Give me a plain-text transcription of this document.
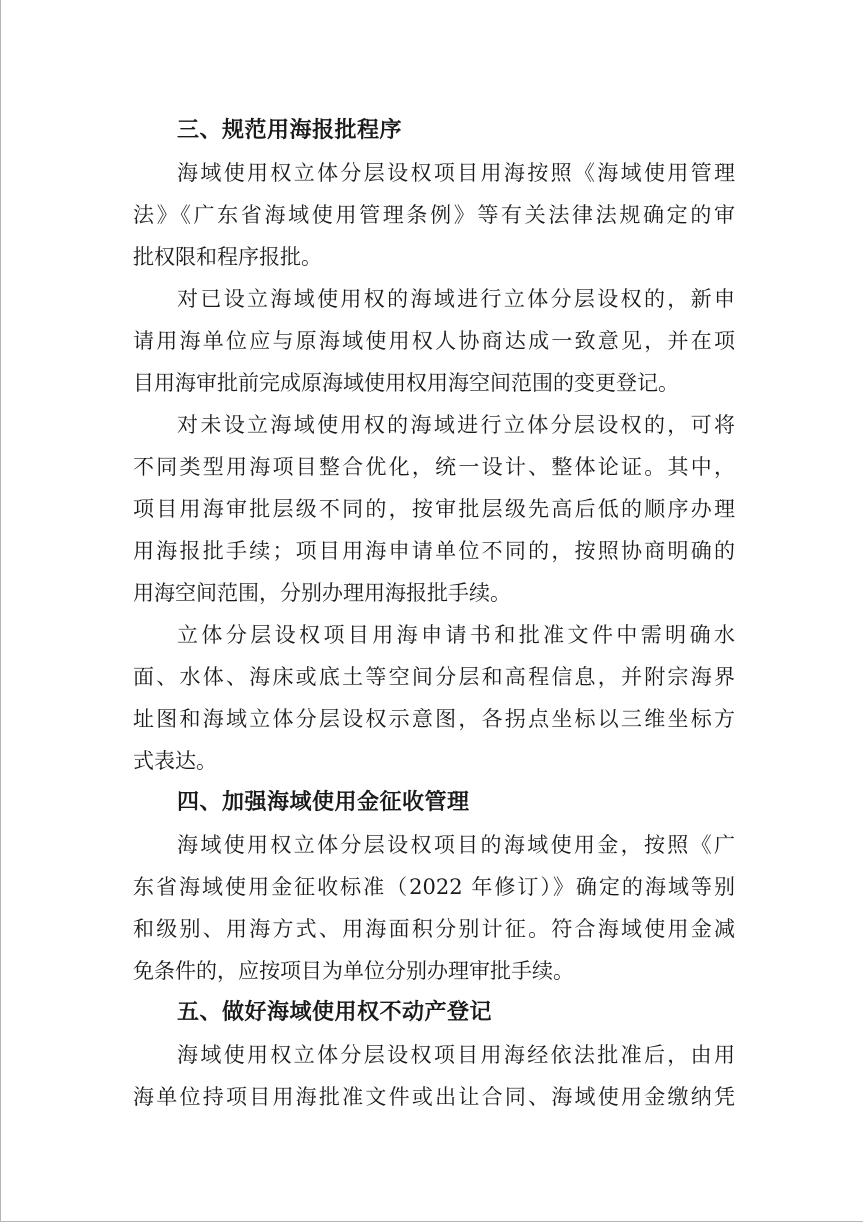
三、规范用海报批程序

海域使用权立体分层设权项目用海按照《海域使用管理
法》《广东省海域使用管理条例》等有关法律法规确定的审
批权限和程序报批。

对已设立海域使用权的海域进行立体分层设权的，新申
请用海单位应与原海域使用权人协商达成一致意见，并在项
目用海审批前完成原海域使用权用海空间范围的变更登记。

对未设立海域使用权的海域进行立体分层设权的，可将
不同类型用海项目整合优化，统一设计、整体论证。其中，
项目用海审批层级不同的，按审批层级先高后低的顺序办理
用海报批手续；项目用海申请单位不同的，按照协商明确的
用海空间范围，分别办理用海报批手续。

立体分层设权项目用海申请书和批准文件中需明确水
面、水体、海床或底土等空间分层和高程信息，并附宗海界
址图和海域立体分层设权示意图，各拐点坐标以三维坐标方
式表达。

四、加强海域使用金征收管理

海域使用权立体分层设权项目的海域使用金，按照《广
东省海域使用金征收标准（2022 年修订）》确定的海域等别
和级别、用海方式、用海面积分别计征。符合海域使用金减
免条件的，应按项目为单位分别办理审批手续。

五、做好海域使用权不动产登记

海域使用权立体分层设权项目用海经依法批准后，由用
海单位持项目用海批准文件或出让合同、海域使用金缴纳凭
